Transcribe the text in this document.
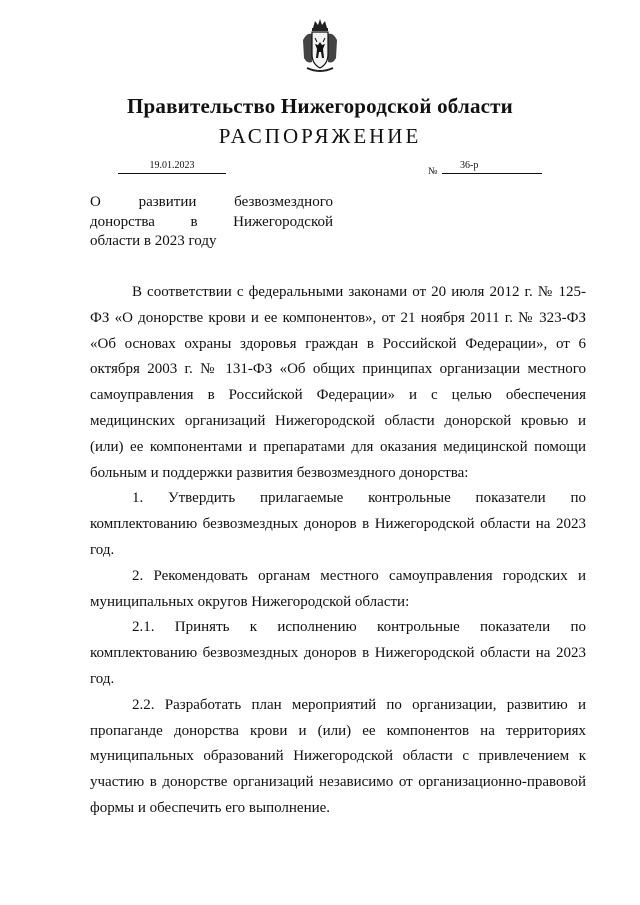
Правительство Нижегородской области
РАСПОРЯЖЕНИЕ
19.01.2023
№
36-р
О развитии безвозмездного
донорства в Нижегородской
области в 2023 году

В соответствии с федеральными законами от 20 июля 2012 г. № 125-ФЗ «О донорстве крови и ее компонентов», от 21 ноября 2011 г. № 323-ФЗ «Об основах охраны здоровья граждан в Российской Федерации», от 6 октября 2003 г. № 131-ФЗ «Об общих принципах организации местного самоуправления в Российской Федерации» и с целью обеспечения медицинских организаций Нижегородской области донорской кровью и (или) ее компонентами и препаратами для оказания медицинской помощи больным и поддержки развития безвозмездного донорства:

1. Утвердить прилагаемые контрольные показатели по комплектованию безвозмездных доноров в Нижегородской области на 2023 год.

2. Рекомендовать органам местного самоуправления городских и муниципальных округов Нижегородской области:

2.1. Принять к исполнению контрольные показатели по комплектованию безвозмездных доноров в Нижегородской области на 2023 год.

2.2. Разработать план мероприятий по организации, развитию и пропаганде донорства крови и (или) ее компонентов на территориях муниципальных образований Нижегородской области с привлечением к участию в донорстве организаций независимо от организационно-правовой формы и обеспечить его выполнение.
